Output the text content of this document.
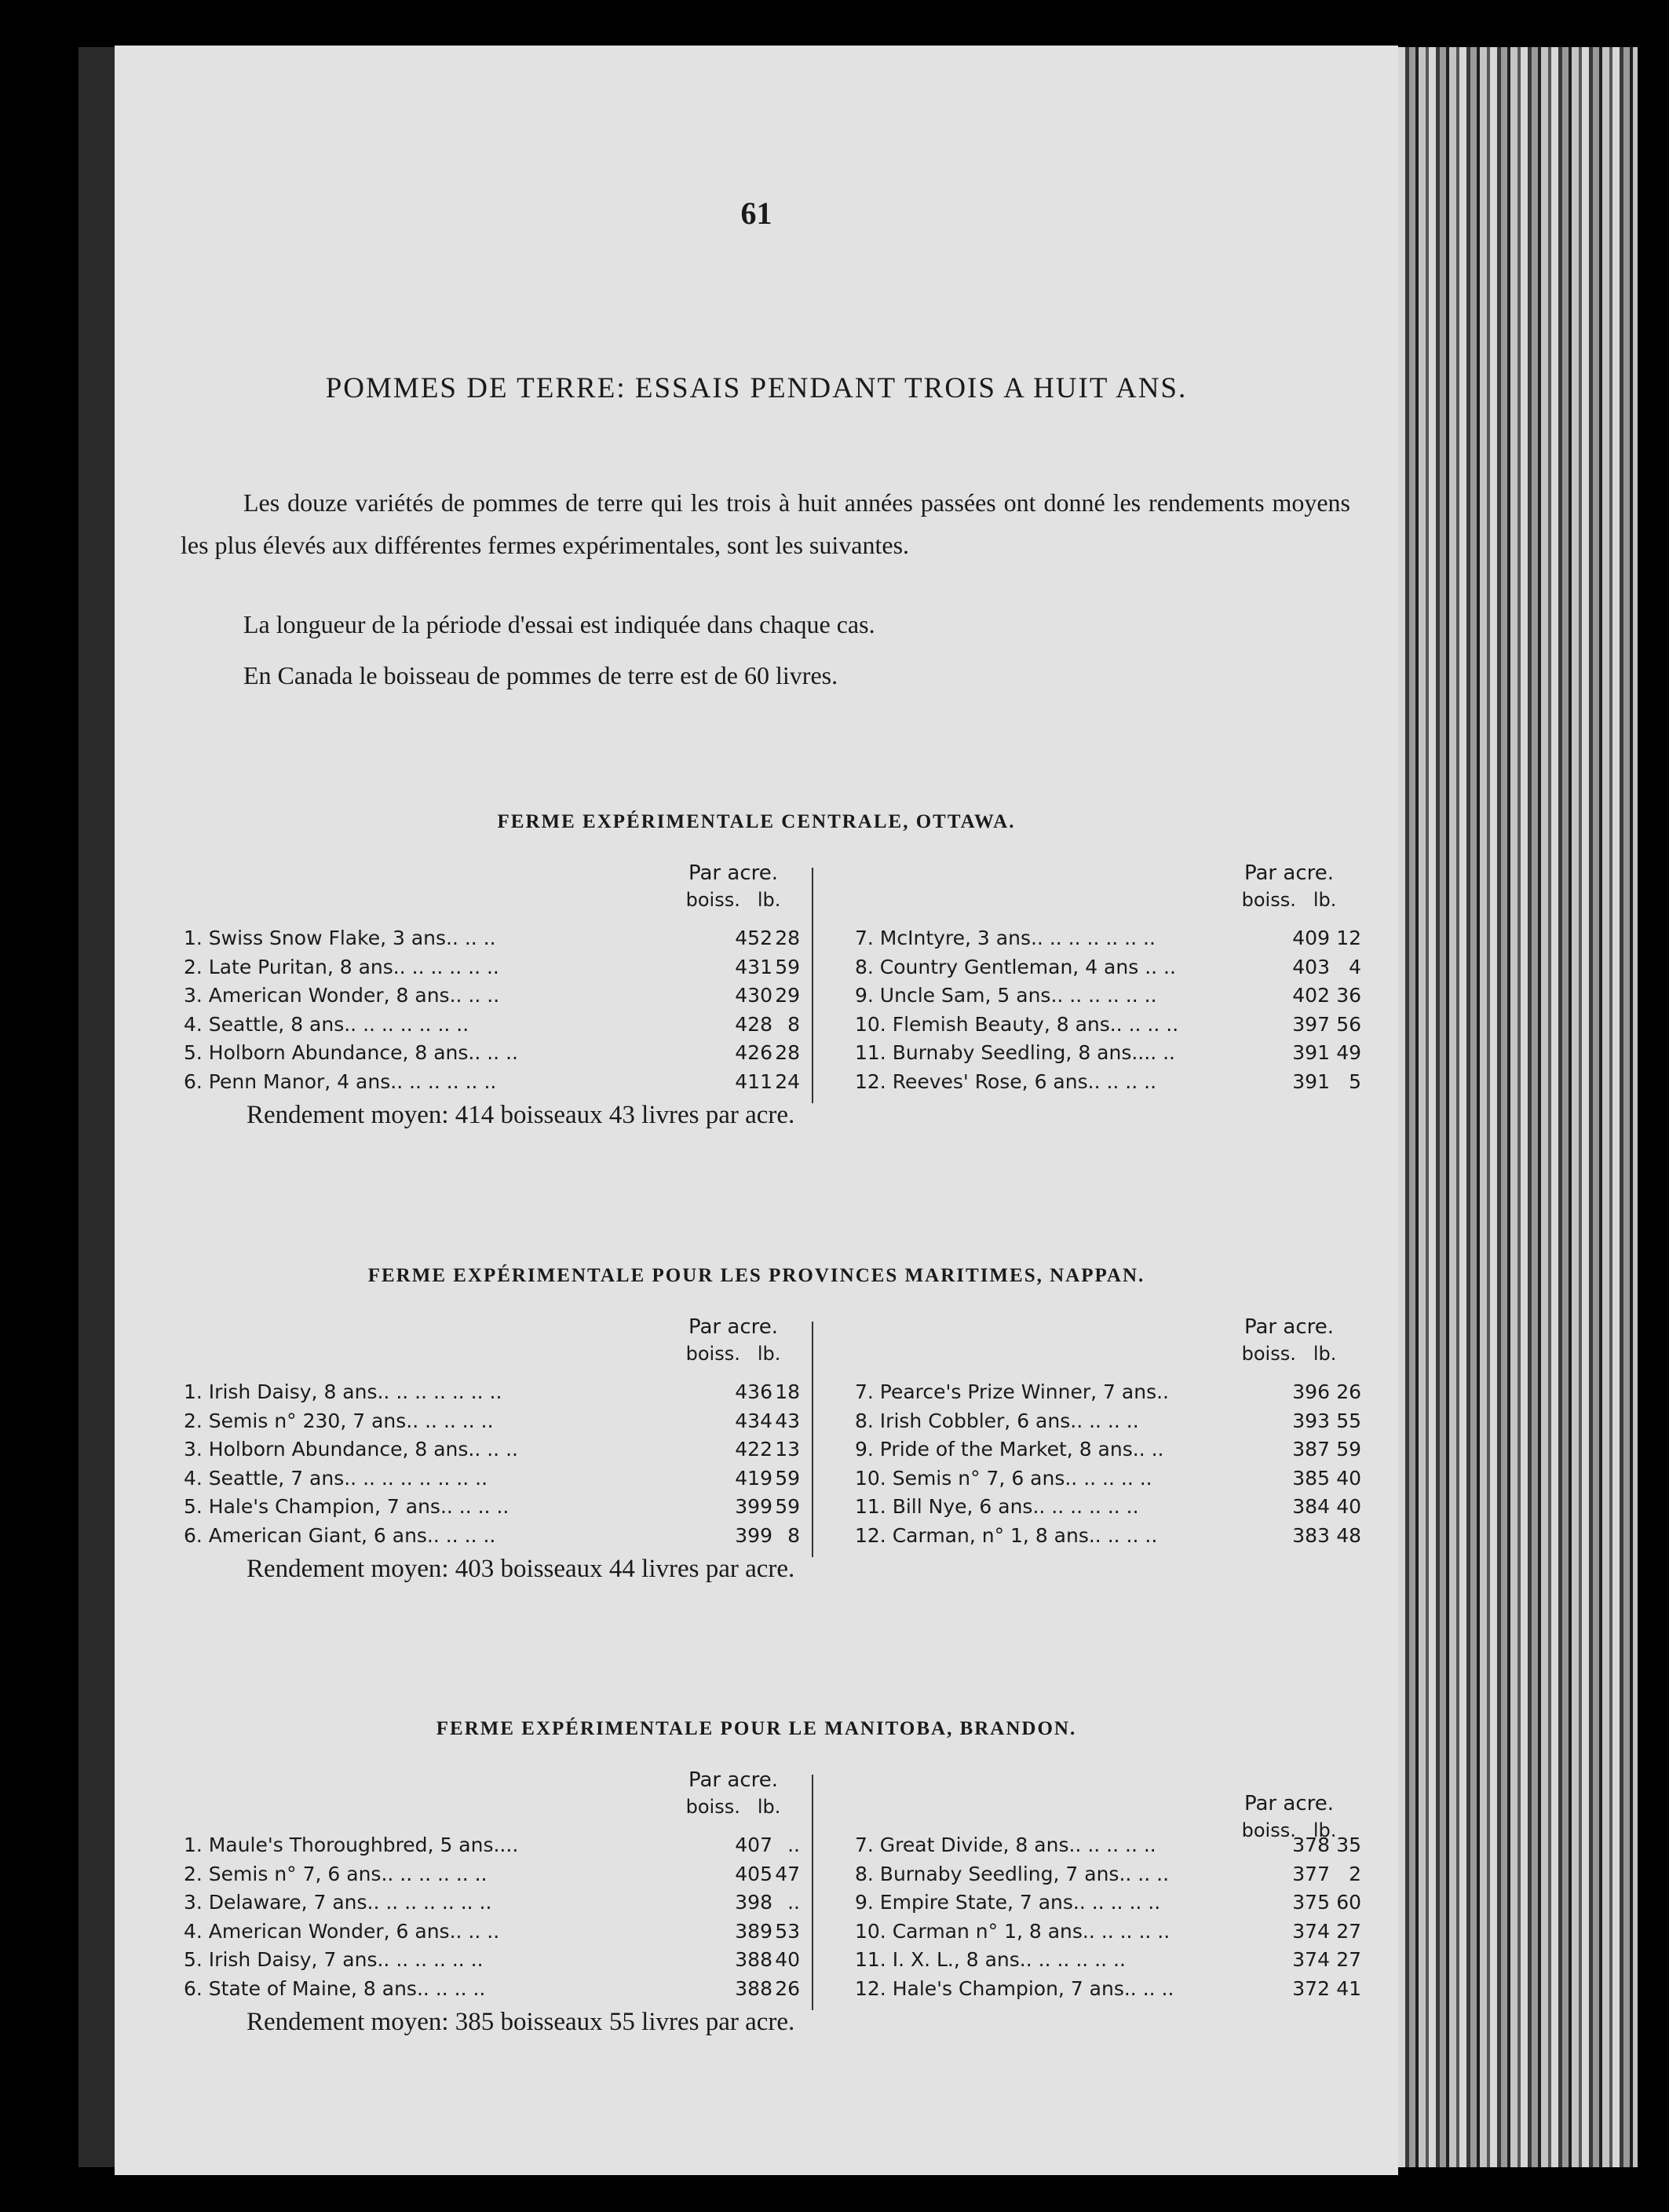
61
POMMES DE TERRE: ESSAIS PENDANT TROIS A HUIT ANS.
Les douze variétés de pommes de terre qui les trois à huit années passées ont donné les rendements moyens les plus élevés aux différentes fermes expérimentales, sont les suivantes.
La longueur de la période d'essai est indiquée dans chaque cas.
En Canada le boisseau de pommes de terre est de 60 livres.
FERME EXPÉRIMENTALE CENTRALE, OTTAWA.
Par acre.
boiss. lb.
Par acre.
boiss. lb.
1. Swiss Snow Flake, 3 ans.. .. ..	452 28
2. Late Puritan, 8 ans.. .. .. .. .. ..	431 59
3. American Wonder, 8 ans.. .. ..	430 29
4. Seattle, 8 ans.. .. .. .. .. .. ..	428 8
5. Holborn Abundance, 8 ans.. .. ..	426 28
6. Penn Manor, 4 ans.. .. .. .. .. ..	411 24
7. McIntyre, 3 ans.. .. .. .. .. .. ..	409 12
8. Country Gentleman, 4 ans .. ..	403 4
9. Uncle Sam, 5 ans.. .. .. .. .. ..	402 36
10. Flemish Beauty, 8 ans.. .. .. ..	397 56
11. Burnaby Seedling, 8 ans.... ..	391 49
12. Reeves' Rose, 6 ans.. .. .. ..	391 5
Rendement moyen: 414 boisseaux 43 livres par acre.
FERME EXPÉRIMENTALE POUR LES PROVINCES MARITIMES, NAPPAN.
Par acre.
boiss. lb.
Par acre.
boiss. lb.
1. Irish Daisy, 8 ans.. .. .. .. .. .. ..	436 18
2. Semis n° 230, 7 ans.. .. .. .. ..	434 43
3. Holborn Abundance, 8 ans.. .. ..	422 13
4. Seattle, 7 ans.. .. .. .. .. .. .. ..	419 59
5. Hale's Champion, 7 ans.. .. .. ..	399 59
6. American Giant, 6 ans.. .. .. ..	399 8
7. Pearce's Prize Winner, 7 ans..	396 26
8. Irish Cobbler, 6 ans.. .. .. ..	393 55
9. Pride of the Market, 8 ans.. ..	387 59
10. Semis n° 7, 6 ans.. .. .. .. ..	385 40
11. Bill Nye, 6 ans.. .. .. .. .. ..	384 40
12. Carman, n° 1, 8 ans.. .. .. ..	383 48
Rendement moyen: 403 boisseaux 44 livres par acre.
FERME EXPÉRIMENTALE POUR LE MANITOBA, BRANDON.
Par acre.
boiss. lb.	Par acre.
boiss. lb.
1. Maule's Thoroughbred, 5 ans....	407 ..
2. Semis n° 7, 6 ans.. .. .. .. .. ..	405 47
3. Delaware, 7 ans.. .. .. .. .. .. ..	398 ..
4. American Wonder, 6 ans.. .. ..	389 53
5. Irish Daisy, 7 ans.. .. .. .. .. ..	388 40
6. State of Maine, 8 ans.. .. .. ..	388 26
7. Great Divide, 8 ans.. .. .. .. ..	378 35
8. Burnaby Seedling, 7 ans.. .. ..	377 2
9. Empire State, 7 ans.. .. .. .. ..	375 60
10. Carman n° 1, 8 ans.. .. .. .. ..	374 27
11. I. X. L., 8 ans.. .. .. .. .. ..	374 27
12. Hale's Champion, 7 ans.. .. ..	372 41
Rendement moyen: 385 boisseaux 55 livres par acre.
